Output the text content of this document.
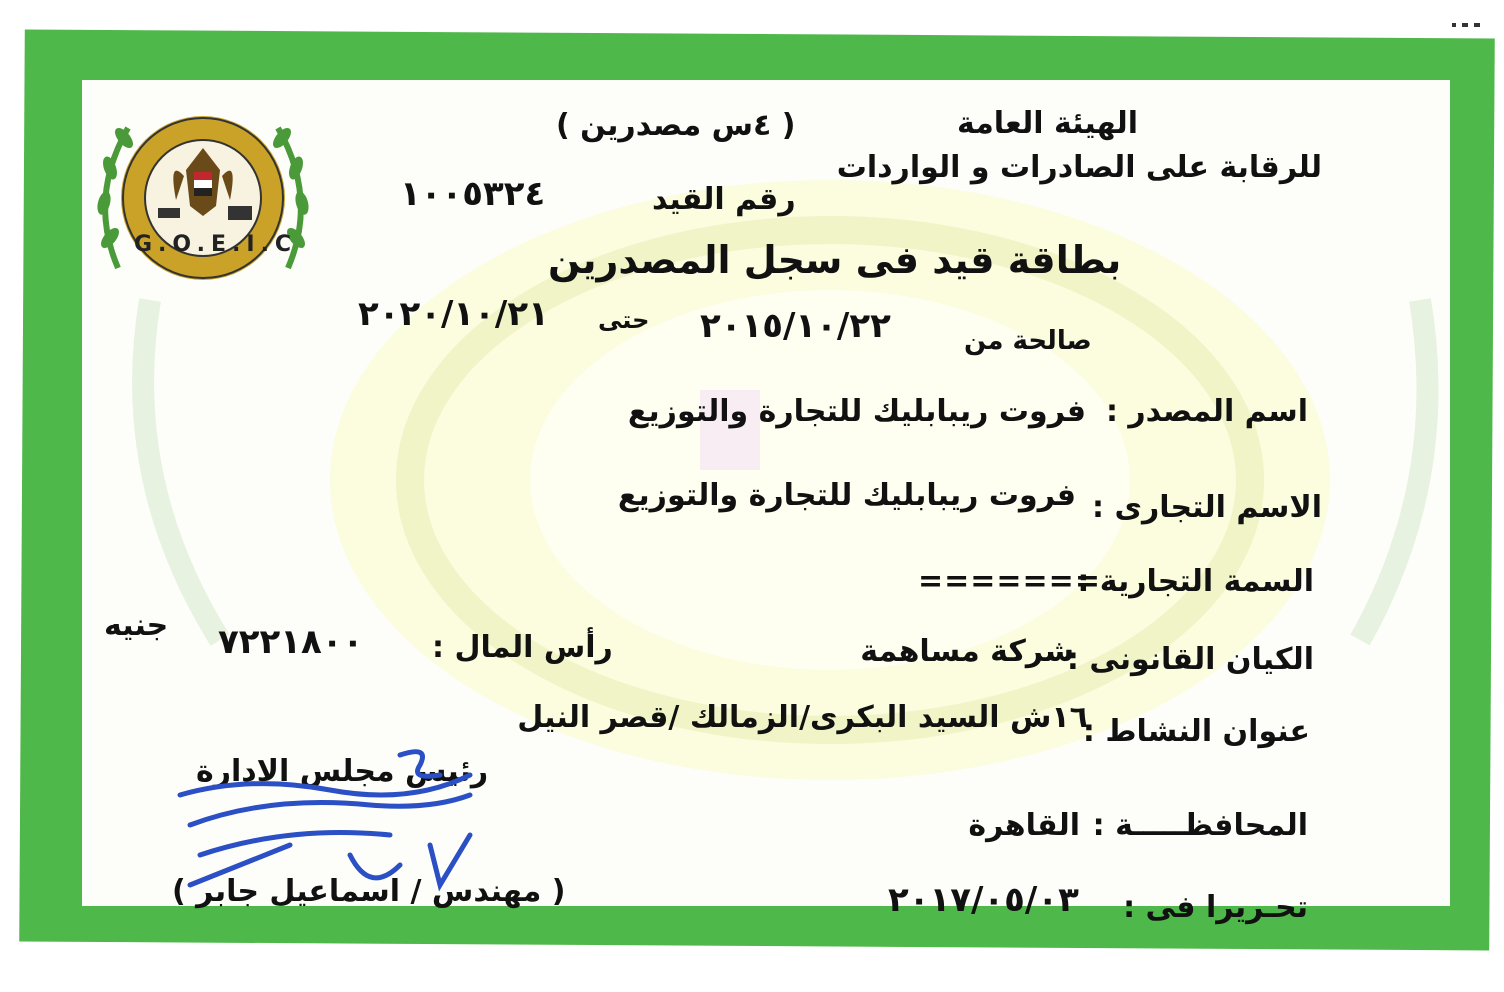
G.O.E.I.C
الهيئة العامة
للرقابة على الصادرات و الواردات
( ٤س مصدرين )
رقم القيد
١٠٠٥٣٢٤
بطاقة قيد فى سجل المصدرين
صالحة من
٢٠١٥/١٠/٢٢
حتى
٢٠٢٠/١٠/٢١
اسم المصدر :
فروت ريبابليك للتجارة والتوزيع
الاسم التجارى :
فروت ريبابليك للتجارة والتوزيع
السمة التجارية :
=======
الكيان القانونى :
شركة مساهمة
رأس المال :
٧٢٢١٨٠٠
جنيه
عنوان النشاط :
١٦ش السيد البكرى/الزمالك /قصر النيل
المحافظـــــة :
القاهرة
تحـريرا فى :
٢٠١٧/٠٥/٠٣
رئيس مجلس الادارة
( مهندس / اسماعيل جابر )
